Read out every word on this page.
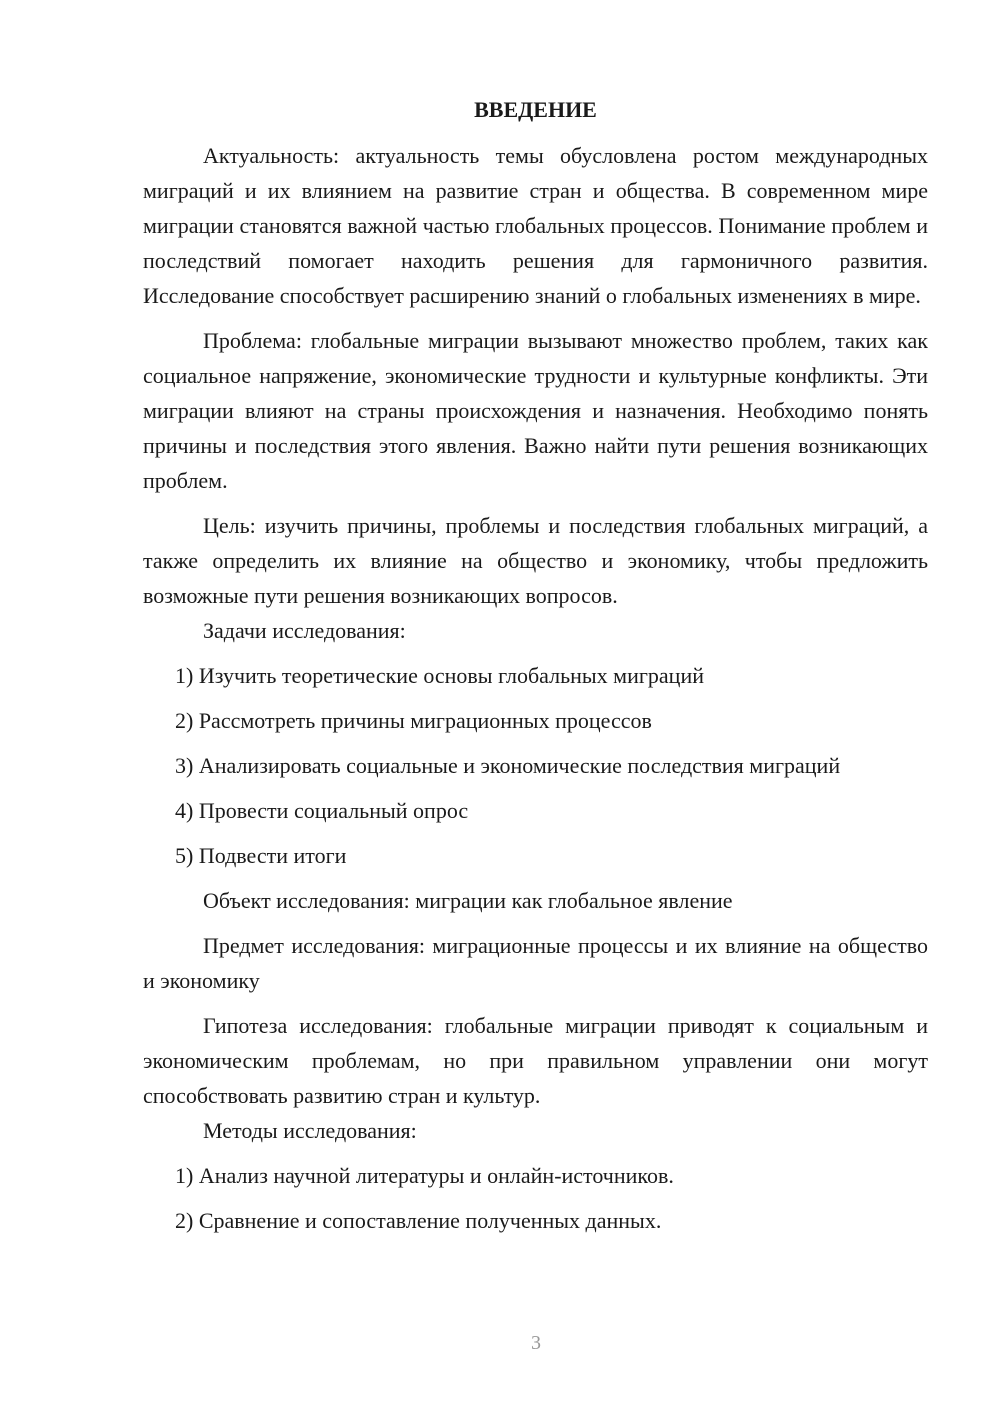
ВВЕДЕНИЕ

Актуальность: актуальность темы обусловлена ростом международных миграций и их влиянием на развитие стран и общества. В современном мире миграции становятся важной частью глобальных процессов. Понимание проблем и последствий помогает находить решения для гармоничного развития. Исследование способствует расширению знаний о глобальных изменениях в мире.

Проблема: глобальные миграции вызывают множество проблем, таких как социальное напряжение, экономические трудности и культурные конфликты. Эти миграции влияют на страны происхождения и назначения. Необходимо понять причины и последствия этого явления. Важно найти пути решения возникающих проблем.

Цель: изучить причины, проблемы и последствия глобальных миграций, а также определить их влияние на общество и экономику, чтобы предложить возможные пути решения возникающих вопросов.

Задачи исследования:

1) Изучить теоретические основы глобальных миграций

2) Рассмотреть причины миграционных процессов

3) Анализировать социальные и экономические последствия миграций

4) Провести социальный опрос

5) Подвести итоги

Объект исследования: миграции как глобальное явление

Предмет исследования: миграционные процессы и их влияние на общество и экономику

Гипотеза исследования: глобальные миграции приводят к социальным и экономическим проблемам, но при правильном управлении они могут способствовать развитию стран и культур.

Методы исследования:

1) Анализ научной литературы и онлайн-источников.

2) Сравнение и сопоставление полученных данных.

3
